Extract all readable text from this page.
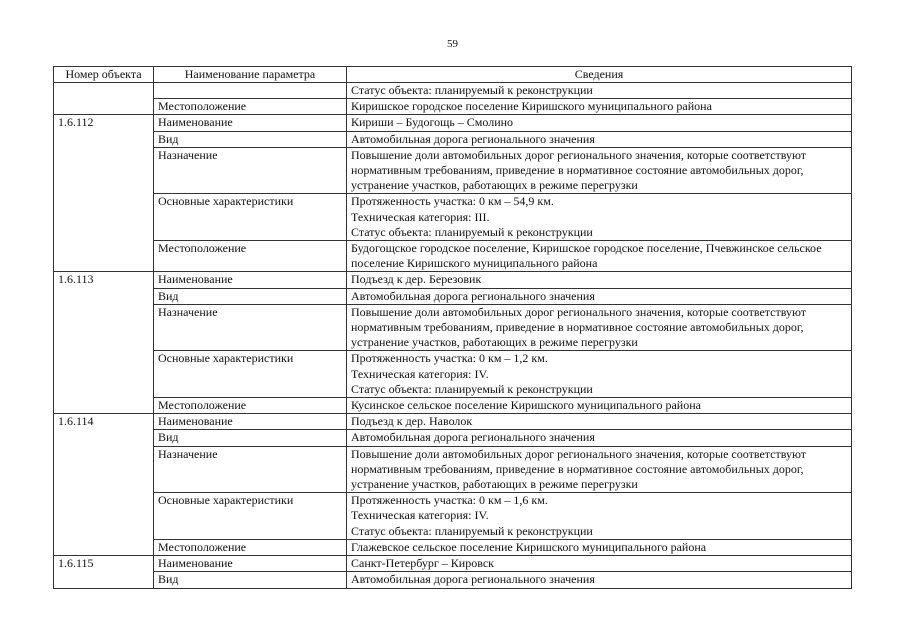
59
Номер объекта	Наименование параметра	Сведения
		Статус объекта: планируемый к реконструкции
	Местоположение	Киришское городское поселение Киришского муниципального района
1.6.112	Наименование	Кириши – Будогощь – Смолино
	Вид	Автомобильная дорога регионального значения
	Назначение	Повышение доли автомобильных дорог регионального значения, которые соответствуют нормативным требованиям, приведение в нормативное состояние автомобильных дорог, устранение участков, работающих в режиме перегрузки
	Основные характеристики	Протяженность участка: 0 км – 54,9 км.
Техническая категория: III.
Статус объекта: планируемый к реконструкции

	Местоположение	Будогощское городское поселение, Киришское городское поселение, Пчевжинское сельское поселение Киришского муниципального района
1.6.113	Наименование	Подъезд к дер. Березовик
	Вид	Автомобильная дорога регионального значения
	Назначение	Повышение доли автомобильных дорог регионального значения, которые соответствуют нормативным требованиям, приведение в нормативное состояние автомобильных дорог, устранение участков, работающих в режиме перегрузки
	Основные характеристики	Протяженность участка: 0 км – 1,2 км.
Техническая категория: IV.
Статус объекта: планируемый к реконструкции

	Местоположение	Кусинское сельское поселение Киришского муниципального района
1.6.114	Наименование	Подъезд к дер. Наволок
	Вид	Автомобильная дорога регионального значения
	Назначение	Повышение доли автомобильных дорог регионального значения, которые соответствуют нормативным требованиям, приведение в нормативное состояние автомобильных дорог, устранение участков, работающих в режиме перегрузки
	Основные характеристики	Протяженность участка: 0 км – 1,6 км.
Техническая категория: IV.
Статус объекта: планируемый к реконструкции

	Местоположение	Глажевское сельское поселение Киришского муниципального района
1.6.115	Наименование	Санкт-Петербург – Кировск
	Вид	Автомобильная дорога регионального значения
